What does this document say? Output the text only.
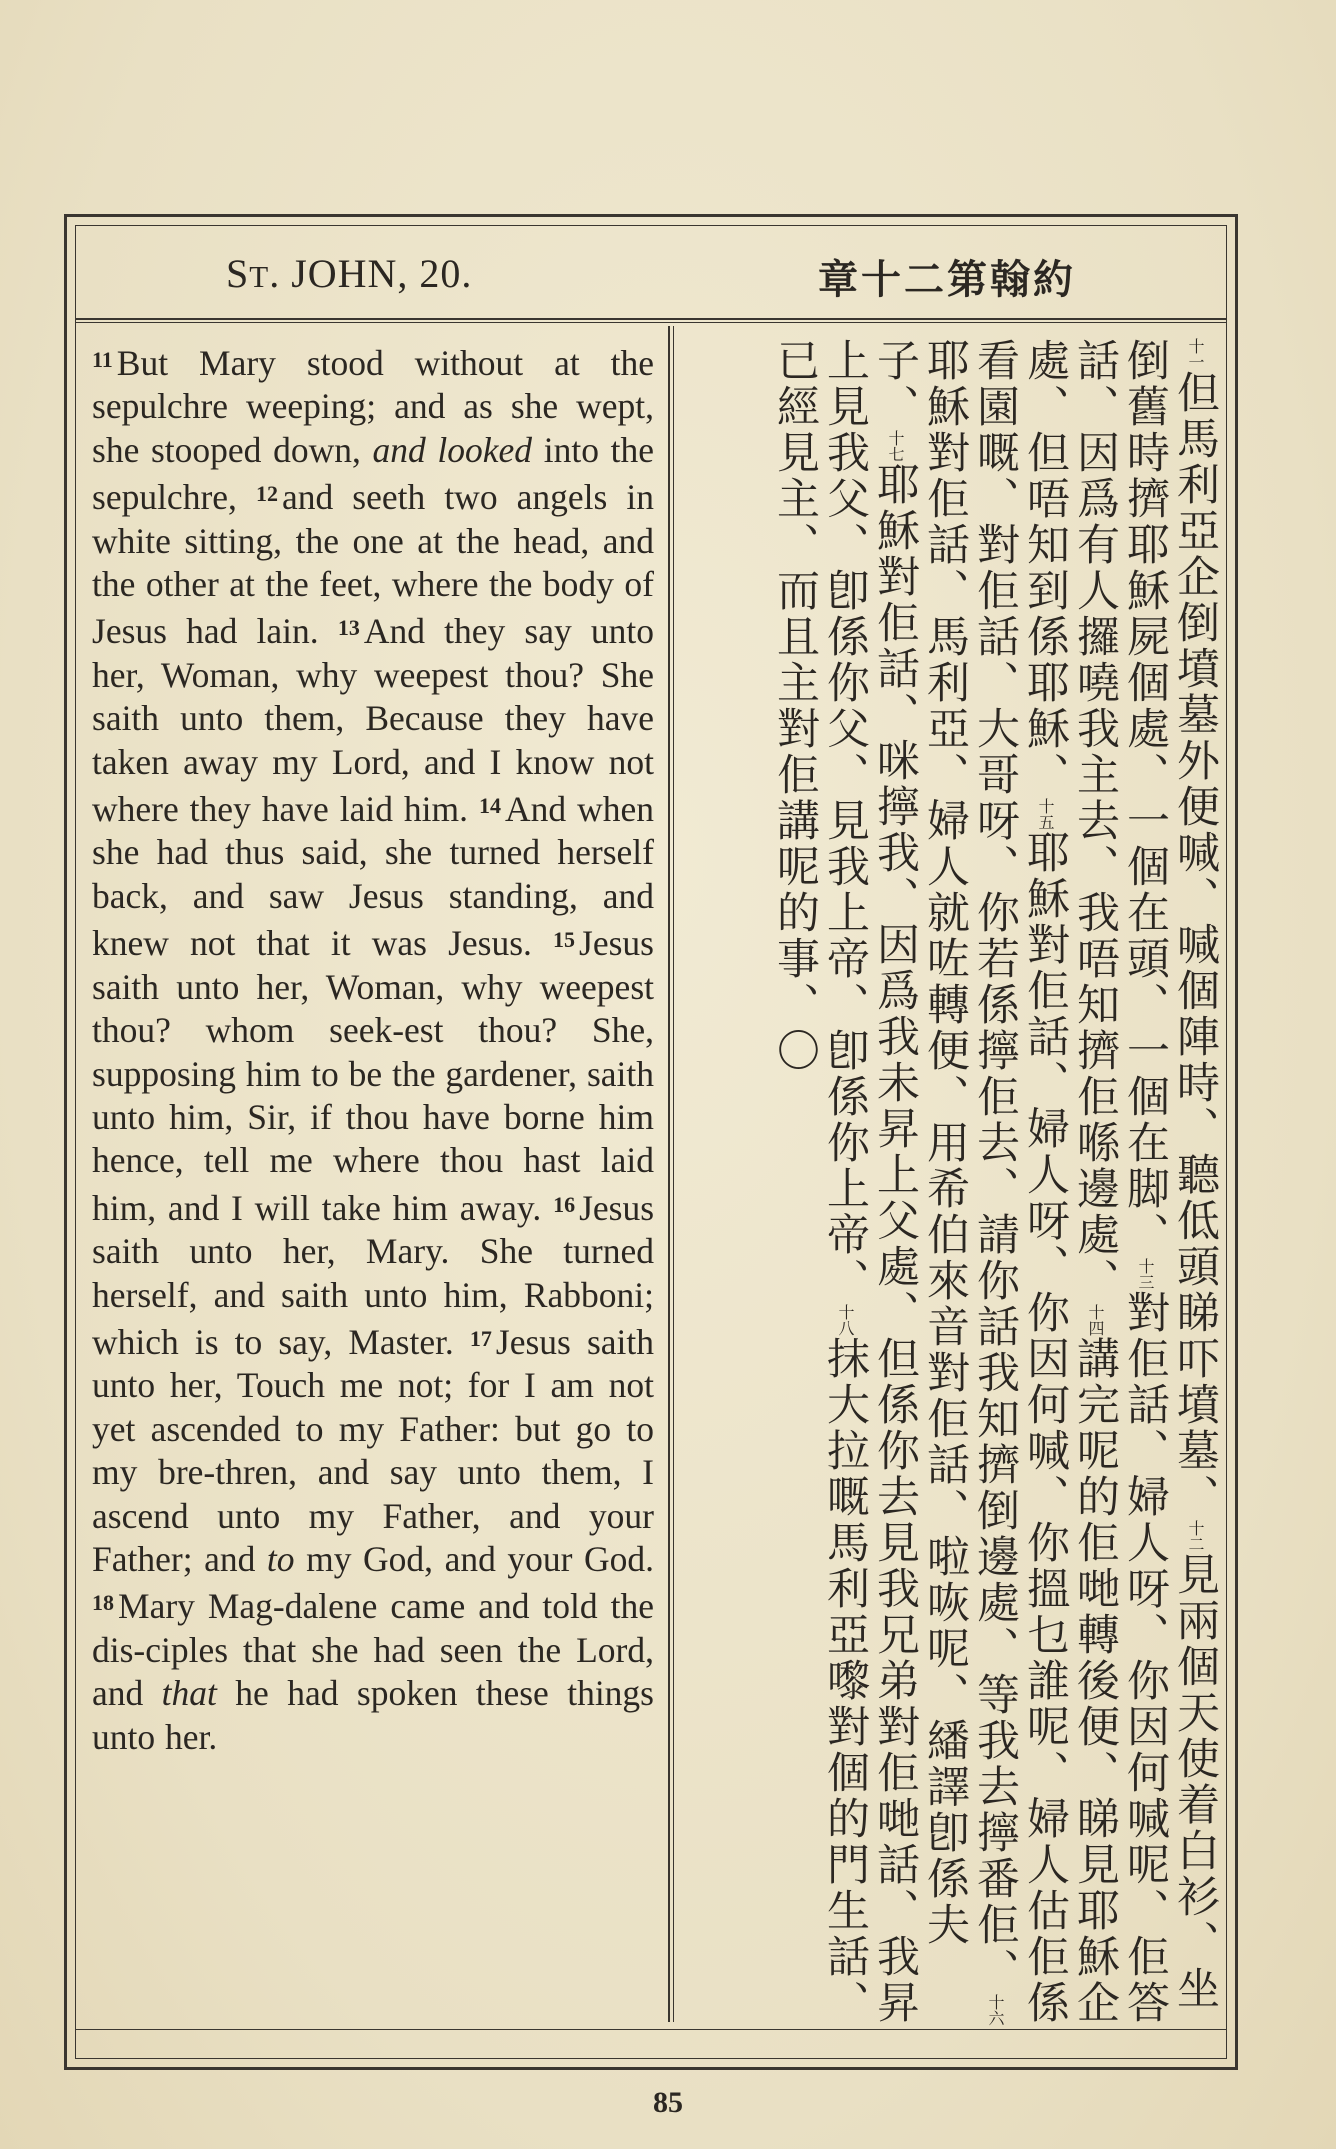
ST. JOHN, 20.	章十二第翰約

$^{11}$ But Mary stood without at the sepulchre weeping; and as she wept, she stooped down, and looked into the sepulchre, $^{12}$ and seeth two angels in white sitting, the one at the head, and the other at the feet, where the body of Jesus had lain. $^{13}$ And they say unto her, Woman, why weepest thou? She saith unto them, Because they have taken away my Lord, and I know not where they have laid him. $^{14}$ And when she had thus said, she turned herself back, and saw Jesus standing, and knew not that it was Jesus. $^{15}$ Jesus saith unto her, Woman, why weepest thou? whom seek-est thou? She, supposing him to be the gardener, saith unto him, Sir, if thou have borne him hence, tell me where thou hast laid him, and I will take him away. $^{16}$ Jesus saith unto her, Mary. She turned herself, and saith unto him, Rabboni; which is to say, Master. $^{17}$ Jesus saith unto her, Touch me not; for I am not yet ascended to my Father: but go to my bre-thren, and say unto them, I ascend unto my Father, and your Father; and to my God, and your God. $^{18}$ Mary Mag-dalene came and told the dis-ciples that she had seen the Lord, and that he had spoken these things unto her.

十一但馬利亞企倒墳墓外便喊、喊個陣時、聽低頭睇吓墳墓、十二見兩個天使着白衫、坐倒舊時擠耶穌屍個處、一個在頭、一個在脚、十三對佢話、婦人呀、你因何喊呢、佢答話、因爲有人攞嘵我主去、我唔知擠佢喺邊處、十四講完呢的佢哋轉後便、睇見耶穌企處、但唔知到係耶穌、十五耶穌對佢話、婦人呀、你因何喊、你搵乜誰呢、婦人估佢係看園嘅、對佢話、大哥呀、你若係擰佢去、請你話我知擠倒邊處、等我去擰番佢、十六耶穌對佢話、馬利亞、婦人就咗轉便、用希伯來音對佢話、啦咴呢、繙譯卽係夫子、十七耶穌對佢話、咪擰我、因爲我未昇上父處、但係你去見我兄弟對佢哋話、我昇上見我父、卽係你父、見我上帝、卽係你上帝、十八抹大拉嘅馬利亞嚟對個的門生話、已經見主、而且主對佢講呢的事、〇
85
